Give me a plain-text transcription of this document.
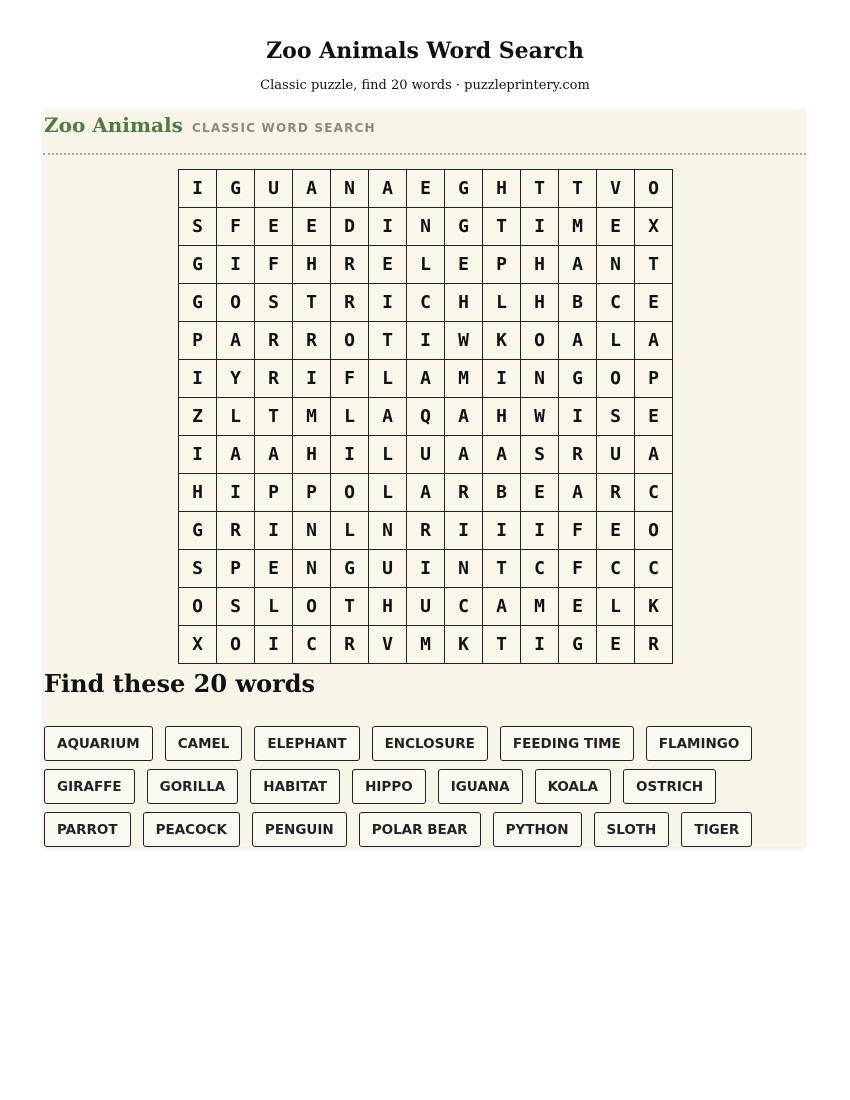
Zoo Animals Word Search
Classic puzzle, find 20 words · puzzleprintery.com
Zoo Animals CLASSIC WORD SEARCH
I	G	U	A	N	A	E	G	H	T	T	V	O
S	F	E	E	D	I	N	G	T	I	M	E	X
G	I	F	H	R	E	L	E	P	H	A	N	T
G	O	S	T	R	I	C	H	L	H	B	C	E
P	A	R	R	O	T	I	W	K	O	A	L	A
I	Y	R	I	F	L	A	M	I	N	G	O	P
Z	L	T	M	L	A	Q	A	H	W	I	S	E
I	A	A	H	I	L	U	A	A	S	R	U	A
H	I	P	P	O	L	A	R	B	E	A	R	C
G	R	I	N	L	N	R	I	I	I	F	E	O
S	P	E	N	G	U	I	N	T	C	F	C	C
O	S	L	O	T	H	U	C	A	M	E	L	K
X	O	I	C	R	V	M	K	T	I	G	E	R
Find these 20 words
AQUARIUM	CAMEL	ELEPHANT	ENCLOSURE	FEEDING TIME	FLAMINGO
GIRAFFE	GORILLA	HABITAT	HIPPO	IGUANA	KOALA	OSTRICH
PARROT	PEACOCK	PENGUIN	POLAR BEAR	PYTHON	SLOTH	TIGER
